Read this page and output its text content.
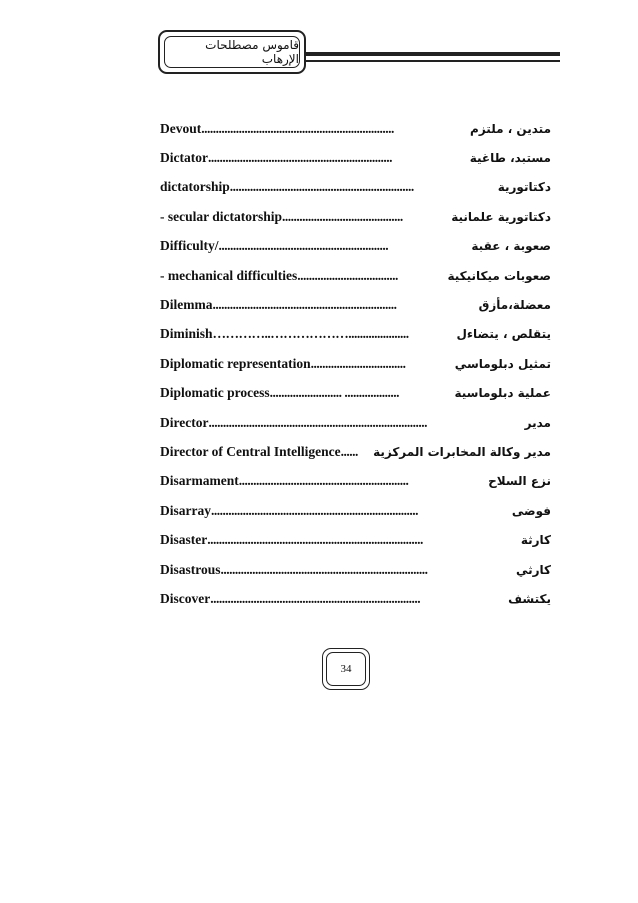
قاموس مصطلحات الإرهاب
Devout ...................................................................	متدين ، ملتزم
Dictator ................................................................	مستبد، طاغية
dictatorship ................................................................	دكتاتورية
- secular dictatorship ..........................................	دكتاتورية علمانية
Difficulty/ ...........................................................	صعوبة ، عقبة
- mechanical difficulties ...................................	صعوبات ميكانيكية
Dilemma ................................................................	معضلة،مأزق
Diminish …………..……………….....................	يتقلص ، يتضاءل
Diplomatic representation .................................	تمثيل دبلوماسي
Diplomatic process ......................... ...................	عملية دبلوماسية
Director ............................................................................	مدير
Director of Central Intelligence ......	مدير وكالة المخابرات المركزية
Disarmament ...........................................................	نزع السلاح
Disarray ........................................................................	فوضى
Disaster ...........................................................................	كارثة
Disastrous ........................................................................	كارثي
Discover .........................................................................	يكتشف
34
